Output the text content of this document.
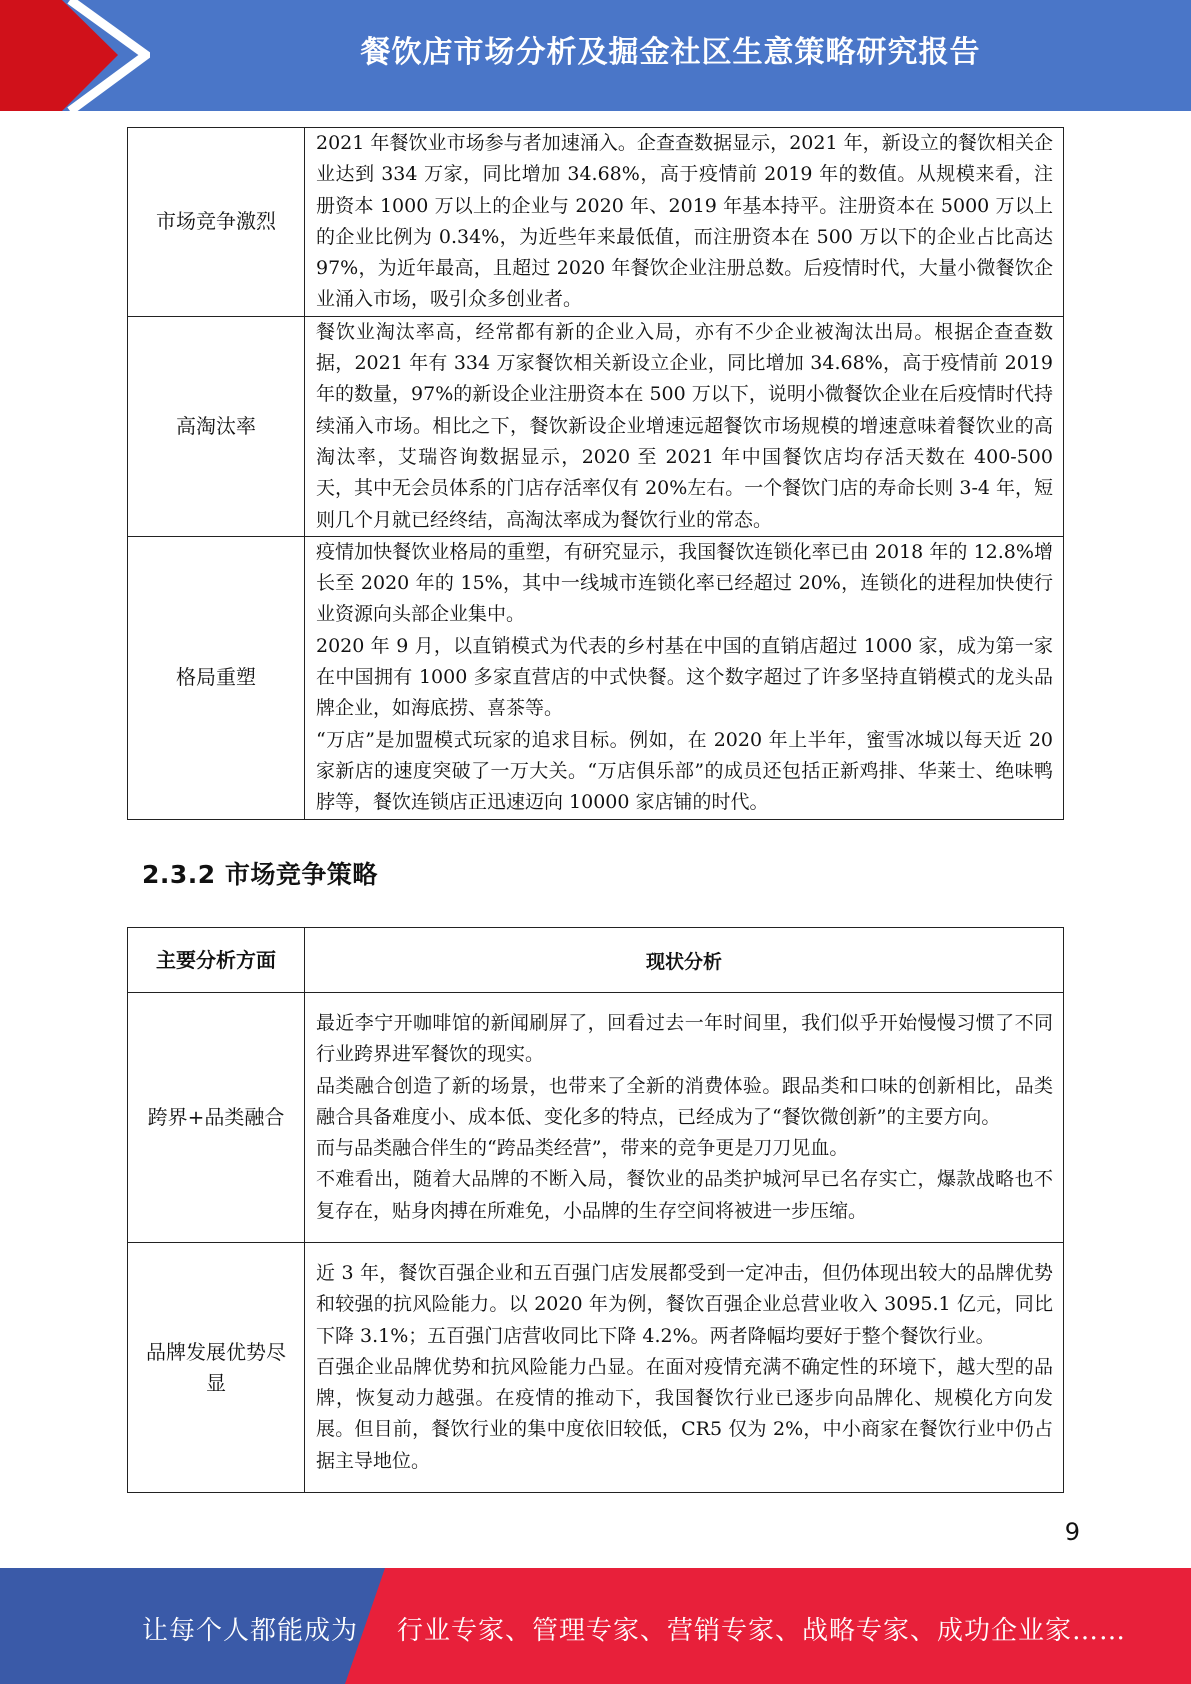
餐饮店市场分析及掘金社区生意策略研究报告
市场竞争激烈	2021 年餐饮业市场参与者加速涌入。企查查数据显示，2021 年，新设立的餐饮相关企业达到 334 万家，同比增加 34.68%，高于疫情前 2019 年的数值。从规模来看，注册资本 1000 万以上的企业与 2020 年、2019 年基本持平。注册资本在 5000 万以上的企业比例为 0.34%，为近些年来最低值，而注册资本在 500 万以下的企业占比高达 97%，为近年最高，且超过 2020 年餐饮企业注册总数。后疫情时代，大量小微餐饮企业涌入市场，吸引众多创业者。

高淘汰率	餐饮业淘汰率高，经常都有新的企业入局，亦有不少企业被淘汰出局。根据企查查数据，2021 年有 334 万家餐饮相关新设立企业，同比增加 34.68%，高于疫情前 2019 年的数量，97%的新设企业注册资本在 500 万以下，说明小微餐饮企业在后疫情时代持续涌入市场。相比之下，餐饮新设企业增速远超餐饮市场规模的增速意味着餐饮业的高淘汰率，艾瑞咨询数据显示，2020 至 2021 年中国餐饮店均存活天数在 400-500 天，其中无会员体系的门店存活率仅有 20%左右。一个餐饮门店的寿命长则 3-4 年，短则几个月就已经终结，高淘汰率成为餐饮行业的常态。

格局重塑	疫情加快餐饮业格局的重塑，有研究显示，我国餐饮连锁化率已由 2018 年的 12.8%增长至 2020 年的 15%，其中一线城市连锁化率已经超过 20%，连锁化的进程加快使行业资源向头部企业集中。

2020 年 9 月，以直销模式为代表的乡村基在中国的直销店超过 1000 家，成为第一家在中国拥有 1000 多家直营店的中式快餐。这个数字超过了许多坚持直销模式的龙头品牌企业，如海底捞、喜茶等。

“万店”是加盟模式玩家的追求目标。例如，在 2020 年上半年，蜜雪冰城以每天近 20 家新店的速度突破了一万大关。“万店俱乐部”的成员还包括正新鸡排、华莱士、绝味鸭脖等，餐饮连锁店正迅速迈向 10000 家店铺的时代。

2.3.2 市场竞争策略
主要分析方面	现状分析
跨界+品类融合	最近李宁开咖啡馆的新闻刷屏了，回看过去一年时间里，我们似乎开始慢慢习惯了不同行业跨界进军餐饮的现实。

品类融合创造了新的场景，也带来了全新的消费体验。跟品类和口味的创新相比，品类融合具备难度小、成本低、变化多的特点，已经成为了“餐饮微创新”的主要方向。

而与品类融合伴生的“跨品类经营”，带来的竞争更是刀刀见血。

不难看出，随着大品牌的不断入局，餐饮业的品类护城河早已名存实亡，爆款战略也不复存在，贴身肉搏在所难免，小品牌的生存空间将被进一步压缩。

品牌发展优势尽显	近 3 年，餐饮百强企业和五百强门店发展都受到一定冲击，但仍体现出较大的品牌优势和较强的抗风险能力。以 2020 年为例，餐饮百强企业总营业收入 3095.1 亿元，同比下降 3.1%；五百强门店营收同比下降 4.2%。两者降幅均要好于整个餐饮行业。

百强企业品牌优势和抗风险能力凸显。在面对疫情充满不确定性的环境下，越大型的品牌，恢复动力越强。在疫情的推动下，我国餐饮行业已逐步向品牌化、规模化方向发展。但目前，餐饮行业的集中度依旧较低，CR5 仅为 2%，中小商家在餐饮行业中仍占据主导地位。

9
让每个人都能成为 行业专家、管理专家、营销专家、战略专家、成功企业家……
